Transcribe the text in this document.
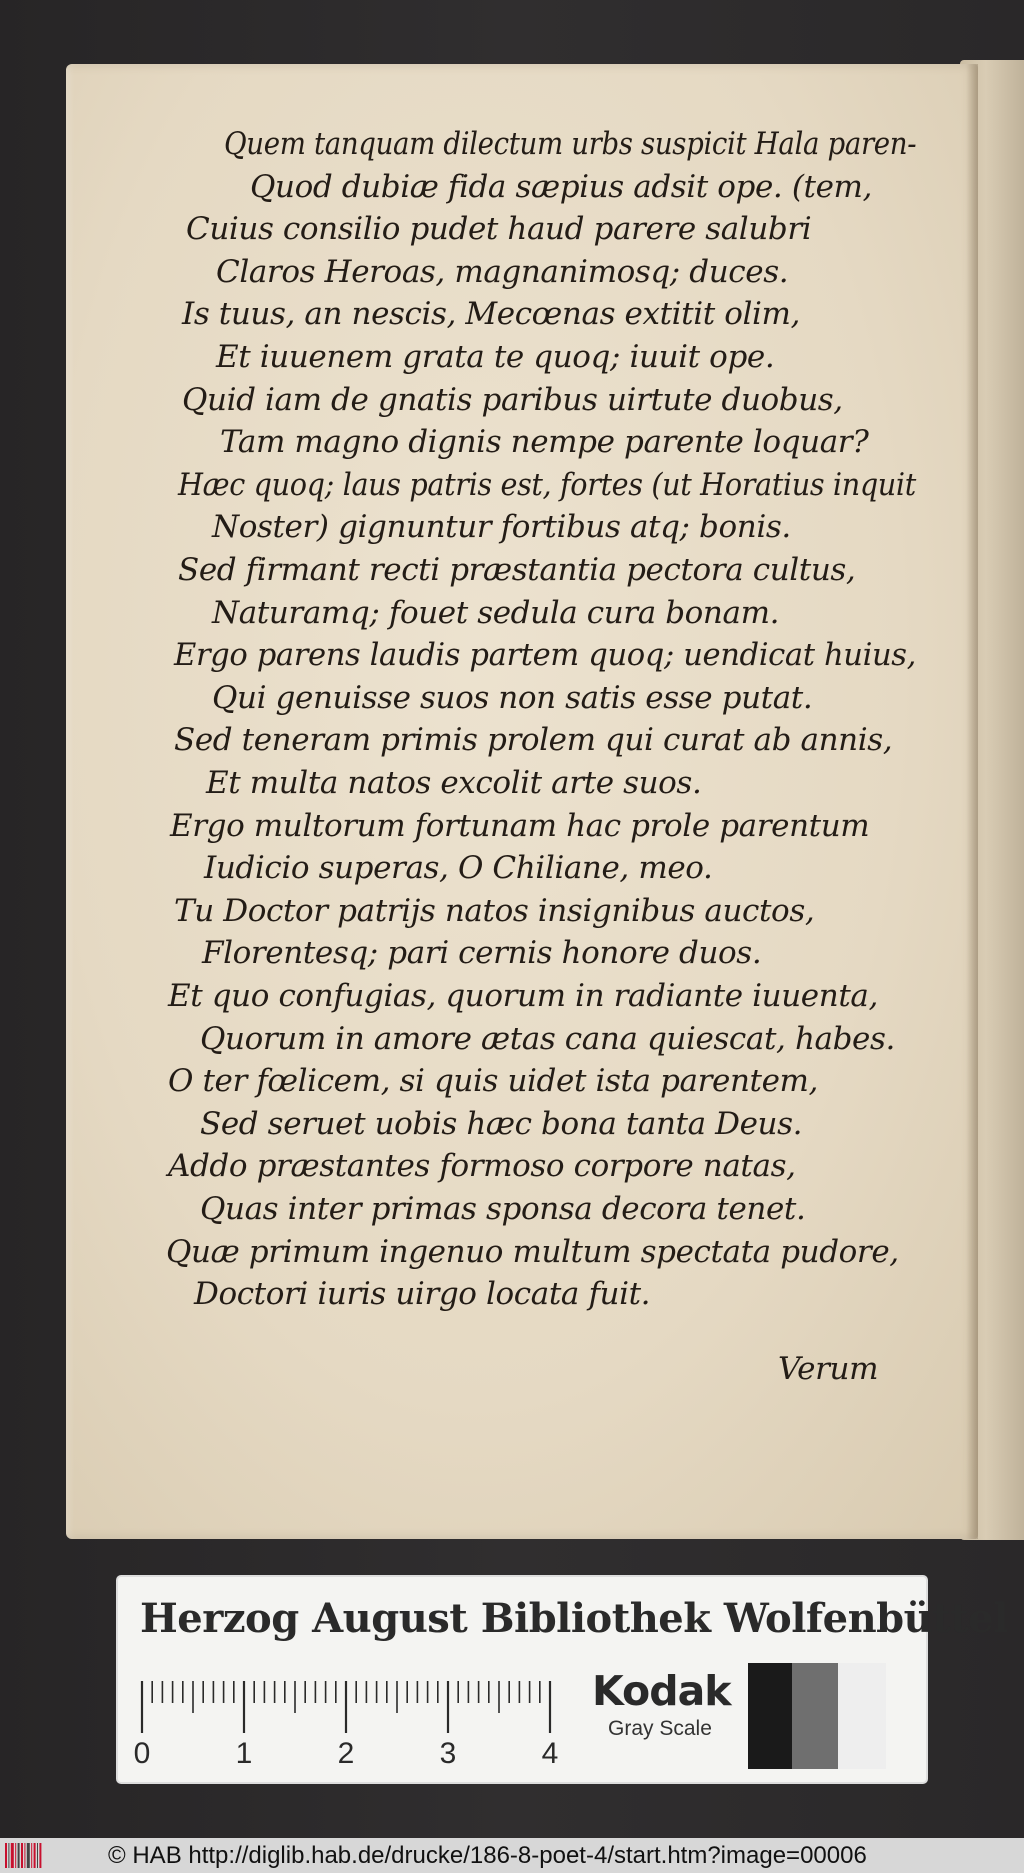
Quem tanquam dilectum urbs suspicit Hala paren-
Quod dubiæ fida sæpius adsit ope. (tem,
Cuius consilio pudet haud parere salubri
Claros Heroas, magnanimosq; duces.
Is tuus, an nescis, Mecœnas extitit olim,
Et iuuenem grata te quoq; iuuit ope.
Quid iam de gnatis paribus uirtute duobus,
Tam magno dignis nempe parente loquar?
Hæc quoq; laus patris est, fortes (ut Horatius inquit
Noster) gignuntur fortibus atq; bonis.
Sed firmant recti præstantia pectora cultus,
Naturamq; fouet sedula cura bonam.
Ergo parens laudis partem quoq; uendicat huius,
Qui genuisse suos non satis esse putat.
Sed teneram primis prolem qui curat ab annis,
Et multa natos excolit arte suos.
Ergo multorum fortunam hac prole parentum
Iudicio superas, O Chiliane, meo.
Tu Doctor patrijs natos insignibus auctos,
Florentesq; pari cernis honore duos.
Et quo confugias, quorum in radiante iuuenta,
Quorum in amore ætas cana quiescat, habes.
O ter fœlicem, si quis uidet ista parentem,
Sed seruet uobis hæc bona tanta Deus.
Addo præstantes formoso corpore natas,
Quas inter primas sponsa decora tenet.
Quæ primum ingenuo multum spectata pudore,
Doctori iuris uirgo locata fuit.
Verum
Herzog August Bibliothek Wolfenbüttel
0	1	2	3	4
Kodak
Gray Scale
© HAB http://diglib.hab.de/drucke/186-8-poet-4/start.htm?image=00006
